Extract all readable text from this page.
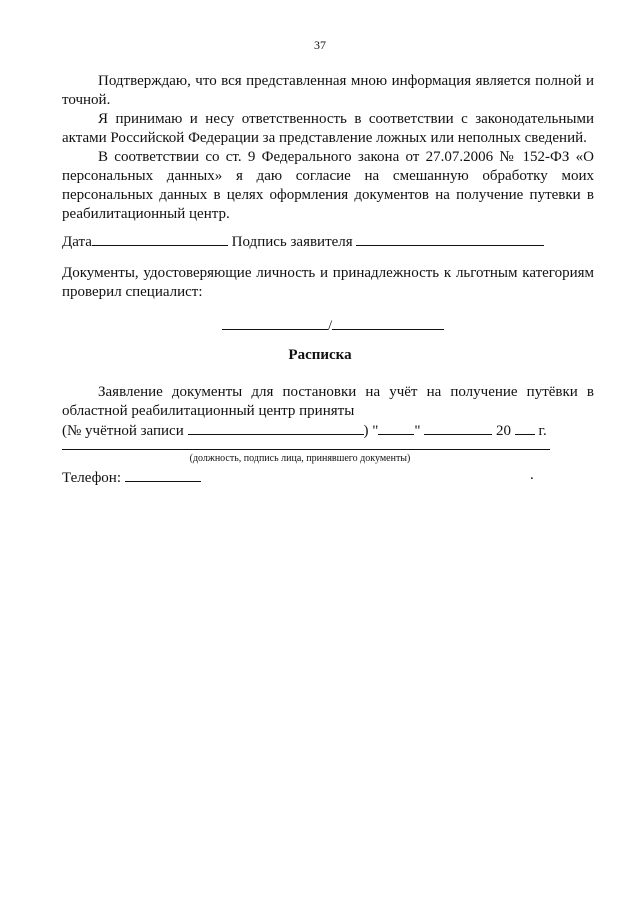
37
Подтверждаю, что вся представленная мною информация является полной и точной.
Я принимаю и несу ответственность в соответствии с законодательными актами Российской Федерации за представление ложных или неполных сведений.
В соответствии со ст. 9 Федерального закона от 27.07.2006 № 152-ФЗ «О персональных данных» я даю согласие на смешанную обработку моих персональных данных в целях оформления документов на получение путевки в реабилитационный центр.
Дата	Подпись заявителя
Документы, удостоверяющие личность и принадлежность к льготным категориям проверил специалист:
/
Расписка
Заявление документы для постановки на учёт на получение путёвки в областной реабилитационный центр приняты
(№ учётной записи	) " "	20 г.
(должность, подпись лица, принявшего документы)
Телефон:	.
